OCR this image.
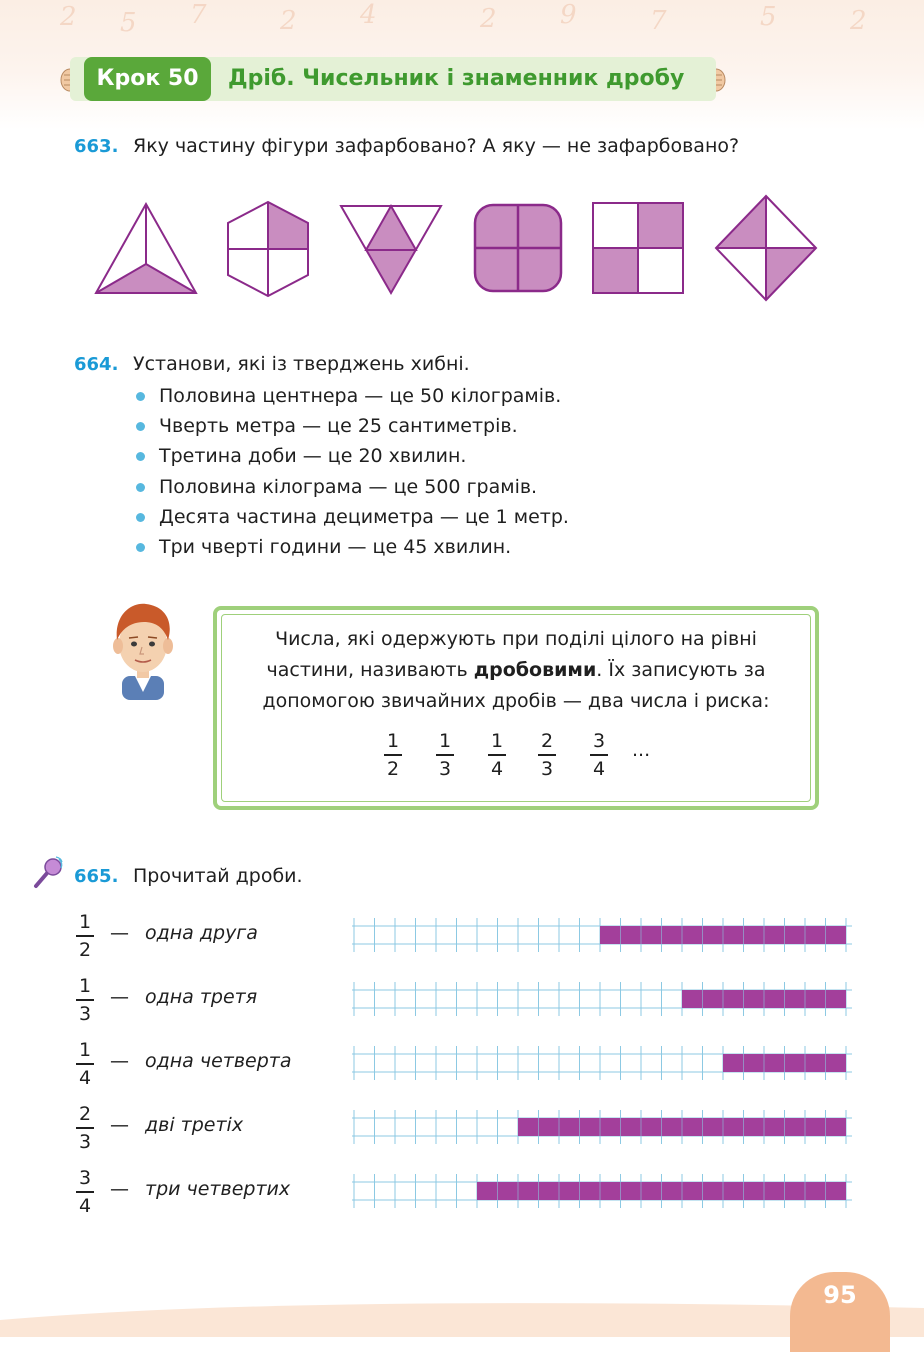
2 5 7	2 4	2 9	7	5	2
Крок 50	Дріб. Чисельник і знаменник дробу
663. Яку частину фігури зафарбовано? А яку — не зафарбовано?
664. Установи, які із тверджень хибні.
Половина центнера — це 50 кілограмів.
Чверть метра — це 25 сантиметрів.
Третина доби — це 20 хвилин.
Половина кілограма — це 500 грамів.
Десята частина дециметра — це 1 метр.
Три чверті години — це 45 хвилин.
Числа, які одержують при поділі цілого на рівні
частини, називають дробовими. Їх записують за
допомогою звичайних дробів — два числа і риска:
1
2
1
3
1
4
2
3
3
4
...
665. Прочитай дроби.
1
2
— одна друга
1
3
— одна третя
1
4
— одна четверта
2
3
— дві третіх
3
4
— три четвертих
95
